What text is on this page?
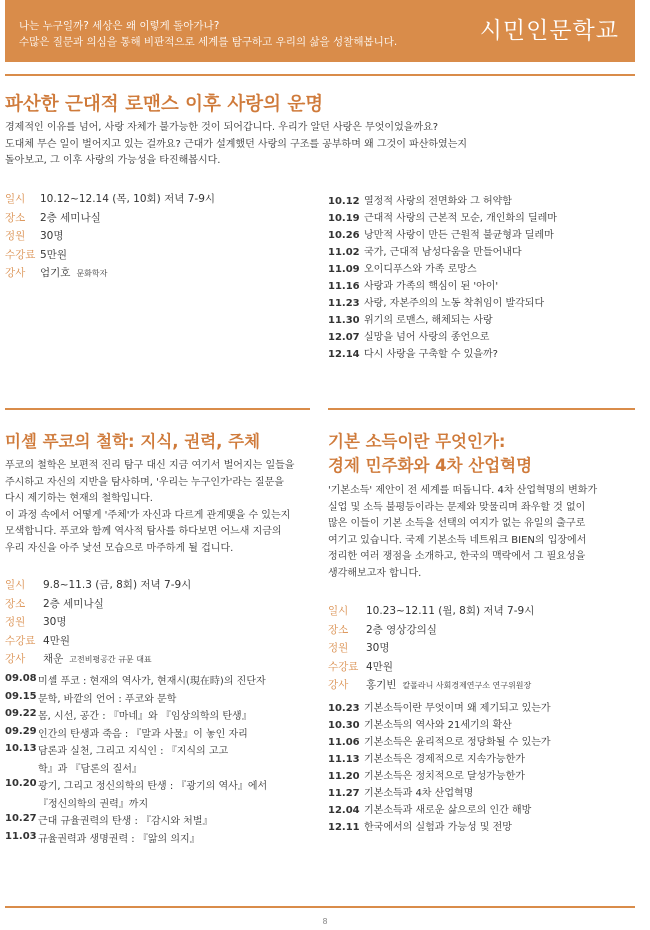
나는 누구일까? 세상은 왜 이렇게 돌아가나?
수많은 질문과 의심을 통해 비판적으로 세계를 탐구하고 우리의 삶을 성찰해봅니다.	시민인문학교
파산한 근대적 로맨스 이후 사랑의 운명
경제적인 이유를 넘어, 사랑 자체가 불가능한 것이 되어갑니다. 우리가 알던 사랑은 무엇이었을까요?
도대체 무슨 일이 벌어지고 있는 걸까요? 근대가 설계했던 사랑의 구조를 공부하며 왜 그것이 파산하였는지
돌아보고, 그 이후 사랑의 가능성을 타진해봅시다.
일시 10.12~12.14 (목, 10회) 저녁 7-9시
장소 2층 세미나실
정원 30명
수강료 5만원
강사 엄기호 문화학자
10.12 열정적 사랑의 전면화와 그 허약함
10.19 근대적 사랑의 근본적 모순, 개인화의 딜레마
10.26 낭만적 사랑이 만든 근원적 불균형과 딜레마
11.02 국가, 근대적 남성다움을 만들어내다
11.09 오이디푸스와 가족 로망스
11.16 사랑과 가족의 핵심이 된 '아이'
11.23 사랑, 자본주의의 노동 착취임이 발각되다
11.30 위기의 로맨스, 해체되는 사랑
12.07 실망을 넘어 사랑의 종언으로
12.14 다시 사랑을 구축할 수 있을까?
미셸 푸코의 철학: 지식, 권력, 주체
푸코의 철학은 보편적 진리 탐구 대신 지금 여기서 벌어지는 일들을
주시하고 자신의 지반을 탐사하며, '우리는 누구인가'라는 질문을
다시 제기하는 현재의 철학입니다.
이 과정 속에서 어떻게 '주체'가 자신과 다르게 관계맺을 수 있는지
모색합니다. 푸코와 함께 역사적 탐사를 하다보면 어느새 지금의
우리 자신을 아주 낯선 모습으로 마주하게 될 겁니다.
일시 9.8~11.3 (금, 8회) 저녁 7-9시
장소 2층 세미나실
정원 30명
수강료 4만원
강사 채운 고전비평공간 규문 대표
09.08미셸 푸코 : 현재의 역사가, 현재시(現在時)의 진단자
09.15문학, 바깥의 언어 : 푸코와 문학
09.22몸, 시선, 공간 : 『마네』와 『임상의학의 탄생』
09.29인간의 탄생과 죽음 : 『말과 사물』이 놓인 자리
10.13담론과 실천, 그리고 지식인 : 『지식의 고고학』과 『담론의 질서』
10.20광기, 그리고 정신의학의 탄생 : 『광기의 역사』에서 『정신의학의 권력』까지
10.27근대 규율권력의 탄생 : 『감시와 처벌』
11.03규율권력과 생명권력 : 『앎의 의지』
기본 소득이란 무엇인가:
경제 민주화와 4차 산업혁명
'기본소득' 제안이 전 세계를 떠돕니다. 4차 산업혁명의 변화가
실업 및 소득 불평등이라는 문제와 맞물리며 좌우할 것 없이
많은 이들이 기본 소득을 선택의 여지가 없는 유일의 출구로
여기고 있습니다. 국제 기본소득 네트워크 BIEN의 입장에서
정리한 여러 쟁점을 소개하고, 한국의 맥락에서 그 필요성을
생각해보고자 합니다.
일시 10.23~12.11 (월, 8회) 저녁 7-9시
장소 2층 영상강의실
정원 30명
수강료 4만원
강사 홍기빈 칼폴라니 사회경제연구소 연구위원장
10.23 기본소득이란 무엇이며 왜 제기되고 있는가
10.30 기본소득의 역사와 21세기의 확산
11.06 기본소득은 윤리적으로 정당화될 수 있는가
11.13 기본소득은 경제적으로 지속가능한가
11.20 기본소득은 정치적으로 달성가능한가
11.27 기본소득과 4차 산업혁명
12.04 기본소득과 새로운 삶으로의 인간 해방
12.11 한국에서의 실험과 가능성 및 전망
8
